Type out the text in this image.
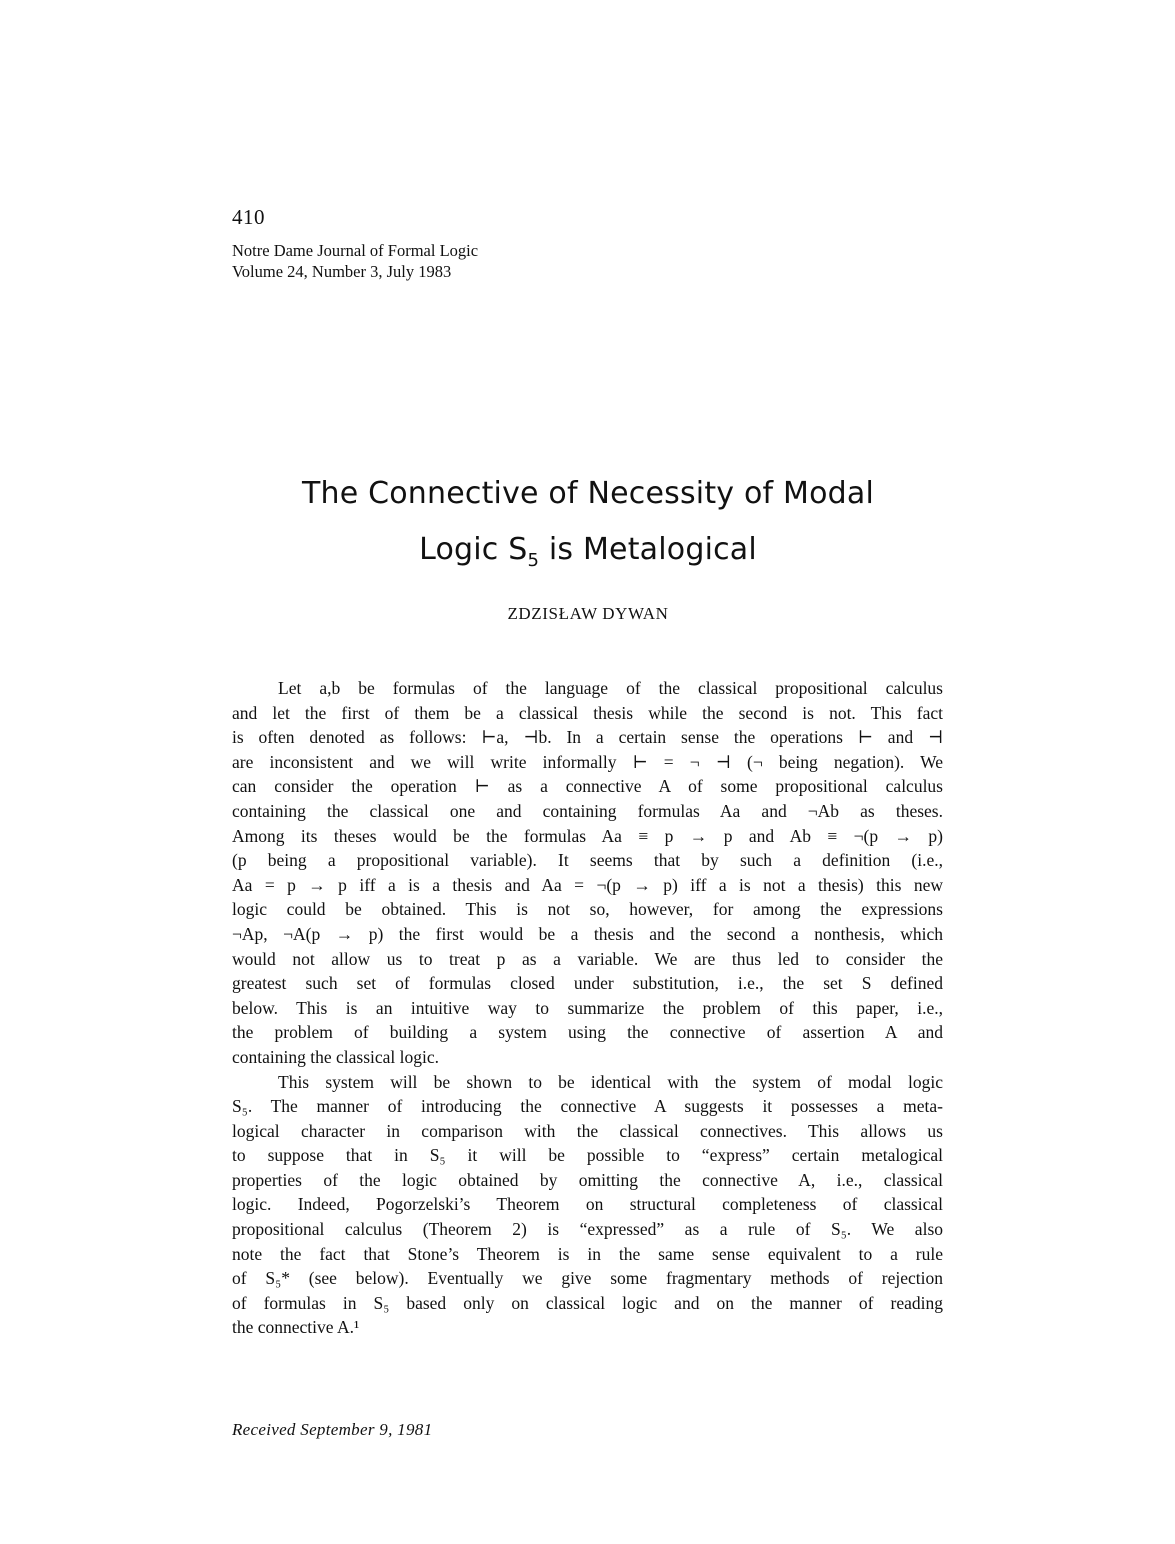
410
Notre Dame Journal of Formal Logic
Volume 24, Number 3, July 1983
The Connective of Necessity of Modal
Logic $S_5$ is Metalogical
ZDZISŁAW DYWAN
Let a,b be formulas of the language of the classical propositional calculus
and let the first of them be a classical thesis while the second is not. This fact
is often denoted as follows: ⊢a, ⊣b. In a certain sense the operations ⊢ and ⊣
are inconsistent and we will write informally ⊢ = ¬ ⊣ (¬ being negation). We
can consider the operation ⊢ as a connective A of some propositional calculus
containing the classical one and containing formulas Aa and ¬Ab as theses.
Among its theses would be the formulas Aa ≡ p → p and Ab ≡ ¬(p → p)
(p being a propositional variable). It seems that by such a definition (i.e.,
Aa = p → p iff a is a thesis and Aa = ¬(p → p) iff a is not a thesis) this new
logic could be obtained. This is not so, however, for among the expressions
¬Ap, ¬A(p → p) the first would be a thesis and the second a nonthesis, which
would not allow us to treat p as a variable. We are thus led to consider the
greatest such set of formulas closed under substitution, i.e., the set S defined
below. This is an intuitive way to summarize the problem of this paper, i.e.,
the problem of building a system using the connective of assertion A and
containing the classical logic.
This system will be shown to be identical with the system of modal logic
S₅. The manner of introducing the connective A suggests it possesses a meta-
logical character in comparison with the classical connectives. This allows us
to suppose that in S₅ it will be possible to “express” certain metalogical
properties of the logic obtained by omitting the connective A, i.e., classical
logic. Indeed, Pogorzelski’s Theorem on structural completeness of classical
propositional calculus (Theorem 2) is “expressed” as a rule of S₅. We also
note the fact that Stone’s Theorem is in the same sense equivalent to a rule
of S₅* (see below). Eventually we give some fragmentary methods of rejection
of formulas in S₅ based only on classical logic and on the manner of reading
the connective A.¹
Received September 9, 1981
